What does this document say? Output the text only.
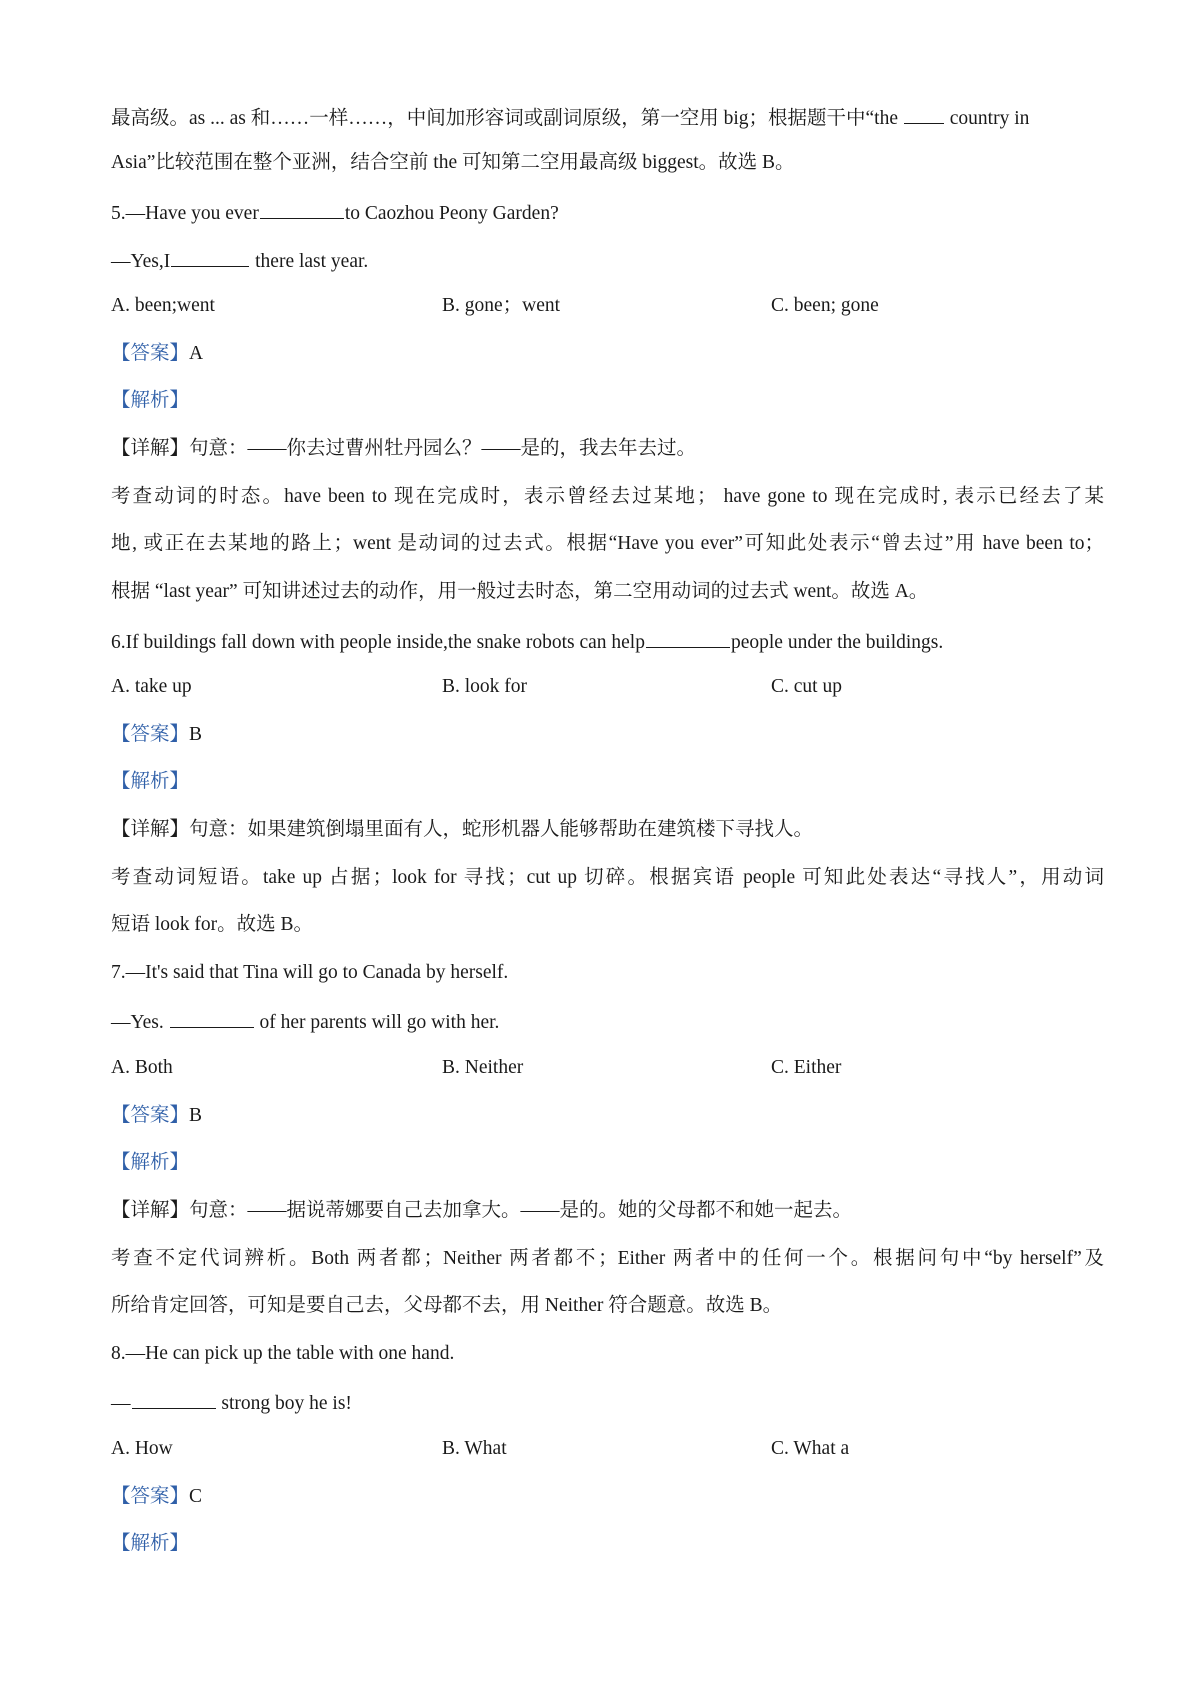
最高级。as ... as 和……一样……，中间加形容词或副词原级，第一空用 big；根据题干中“the	country in
Asia”比较范围在整个亚洲，结合空前 the 可知第二空用最高级 biggest。故选 B。
5.—Have you ever	to Caozhou Peony Garden?
—Yes,I	there last year.
A. been;went	B. gone；went	C. been; gone
【答案】A
【解析】
【详解】句意：——你去过曹州牡丹园么？——是的，我去年去过。
考查动词的时态。have been to 现在完成时，表示曾经去过某地； have gone to 现在完成时, 表示已经去了某
地, 或正在去某地的路上；went 是动词的过去式。根据“Have you ever”可知此处表示“曾去过”用 have been to；
根据 “last year” 可知讲述过去的动作，用一般过去时态，第二空用动词的过去式 went。故选 A。
6.If buildings fall down with people inside,the snake robots can help	people under the buildings.
A. take up	B. look for	C. cut up
【答案】B
【解析】
【详解】句意：如果建筑倒塌里面有人，蛇形机器人能够帮助在建筑楼下寻找人。
考查动词短语。take up 占据；look for 寻找；cut up 切碎。根据宾语 people 可知此处表达“寻找人”，用动词
短语 look for。故选 B。
7.—It's said that Tina will go to Canada by herself.
—Yes.	of her parents will go with her.
A. Both	B. Neither	C. Either
【答案】B
【解析】
【详解】句意：——据说蒂娜要自己去加拿大。——是的。她的父母都不和她一起去。
考查不定代词辨析。Both 两者都；Neither 两者都不；Either 两者中的任何一个。根据问句中“by herself”及
所给肯定回答，可知是要自己去，父母都不去，用 Neither 符合题意。故选 B。
8.—He can pick up the table with one hand.
—	strong boy he is!
A. How	B. What	C. What a
【答案】C
【解析】
